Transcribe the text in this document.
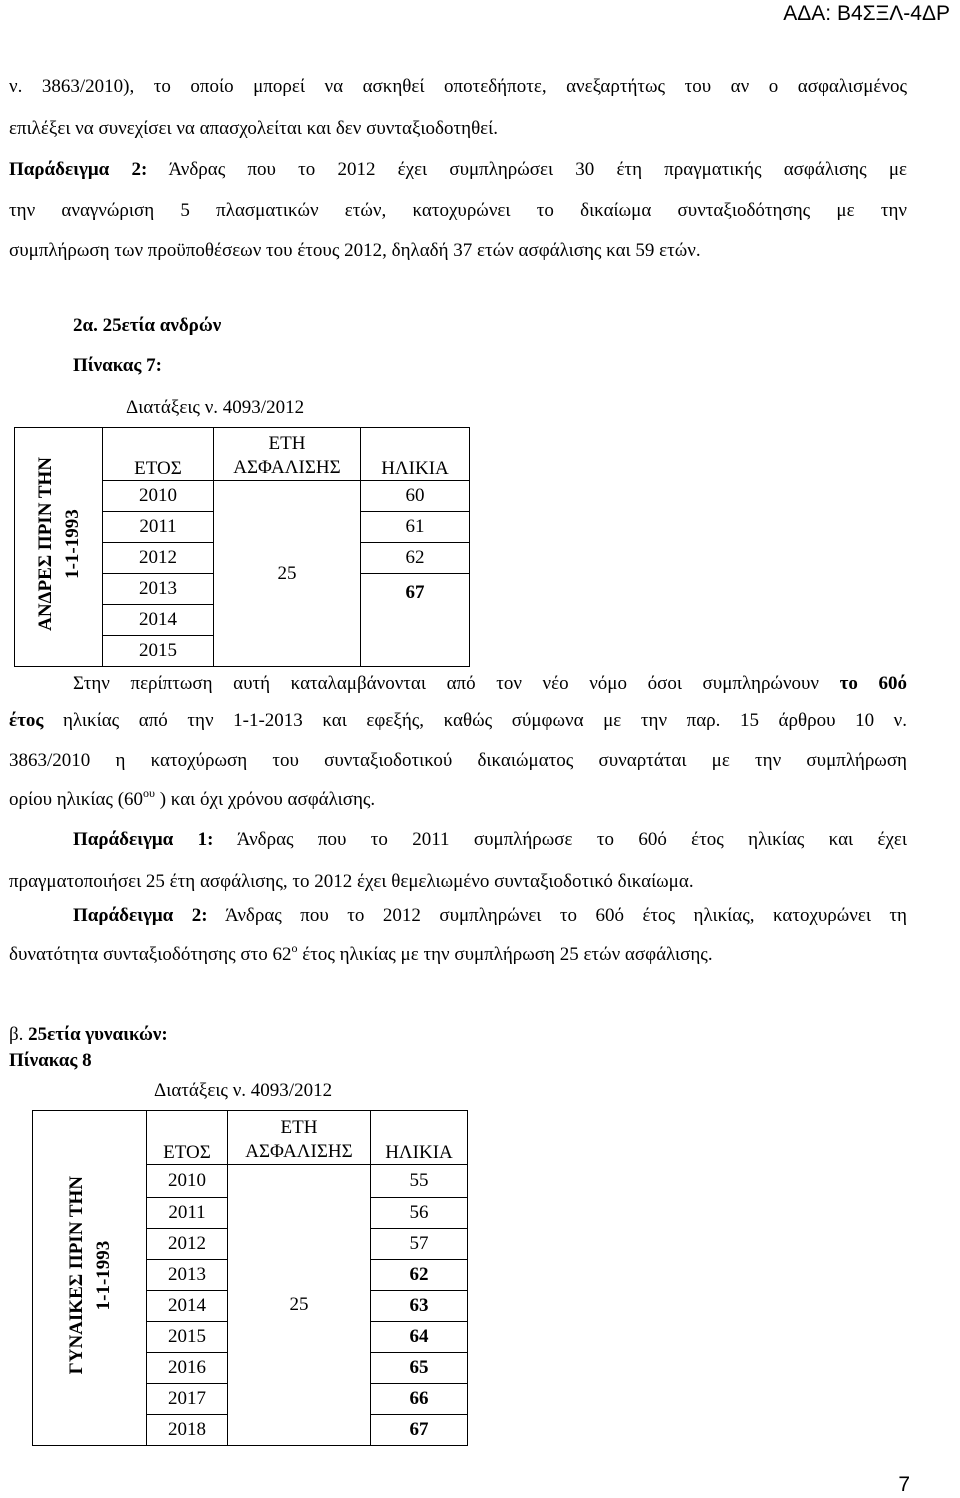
ΑΔΑ: Β4ΣΞΛ-4ΔΡ
ν. 3863/2010), το οποίο μπορεί να ασκηθεί οποτεδήποτε, ανεξαρτήτως του αν ο ασφαλισμένος
επιλέξει να συνεχίσει να απασχολείται και δεν συνταξιοδοτηθεί.
Παράδειγμα 2: Άνδρας που το 2012 έχει συμπληρώσει 30 έτη πραγματικής ασφάλισης με
την αναγνώριση 5 πλασματικών ετών, κατοχυρώνει το δικαίωμα συνταξιοδότησης με την
συμπλήρωση των προϋποθέσεων του έτους 2012, δηλαδή 37 ετών ασφάλισης και 59 ετών.
2α. 25ετία ανδρών
Πίνακας 7:
Διατάξεις ν. 4093/2012
ΑΝΔΡΕΣ ΠΡΙΝ ΤΗΝ 1-1-1993	ΕΤΟΣ	ΕΤΗ
ΑΣΦΑΛΙΣΗΣ	ΗΛΙΚΙΑ
	2010	25	60
	2011		61
	2012		62
	2013		67
	2014		
	2015		
Στην περίπτωση αυτή καταλαμβάνονται από τον νέο νόμο όσοι συμπληρώνουν το 60ό
έτος ηλικίας από την 1-1-2013 και εφεξής, καθώς σύμφωνα με την παρ. 15 άρθρου 10 ν.
3863/2010 η κατοχύρωση του συνταξιοδοτικού δικαιώματος συναρτάται με την συμπλήρωση
ορίου ηλικίας ($60^{o\upsilon}$ ) και όχι χρόνου ασφάλισης.
Παράδειγμα 1: Άνδρας που το 2011 συμπλήρωσε το 60ό έτος ηλικίας και έχει
πραγματοποιήσει 25 έτη ασφάλισης, το 2012 έχει θεμελιωμένο συνταξιοδοτικό δικαίωμα.
Παράδειγμα 2: Άνδρας που το 2012 συμπληρώνει το 60ό έτος ηλικίας, κατοχυρώνει τη
δυνατότητα συνταξιοδότησης στο $62^o$ έτος ηλικίας με την συμπλήρωση 25 ετών ασφάλισης.
β. 25ετία γυναικών:
Πίνακας 8
Διατάξεις ν. 4093/2012
ΓΥΝΑΙΚΕΣ ΠΡΙΝ ΤΗΝ 1-1-1993	ΕΤΟΣ	ΕΤΗ
ΑΣΦΑΛΙΣΗΣ	ΗΛΙΚΙΑ
	2010	25	55
	2011		56
	2012		57
	2013		62
	2014		63
	2015		64
	2016		65
	2017		66
	2018		67
7
